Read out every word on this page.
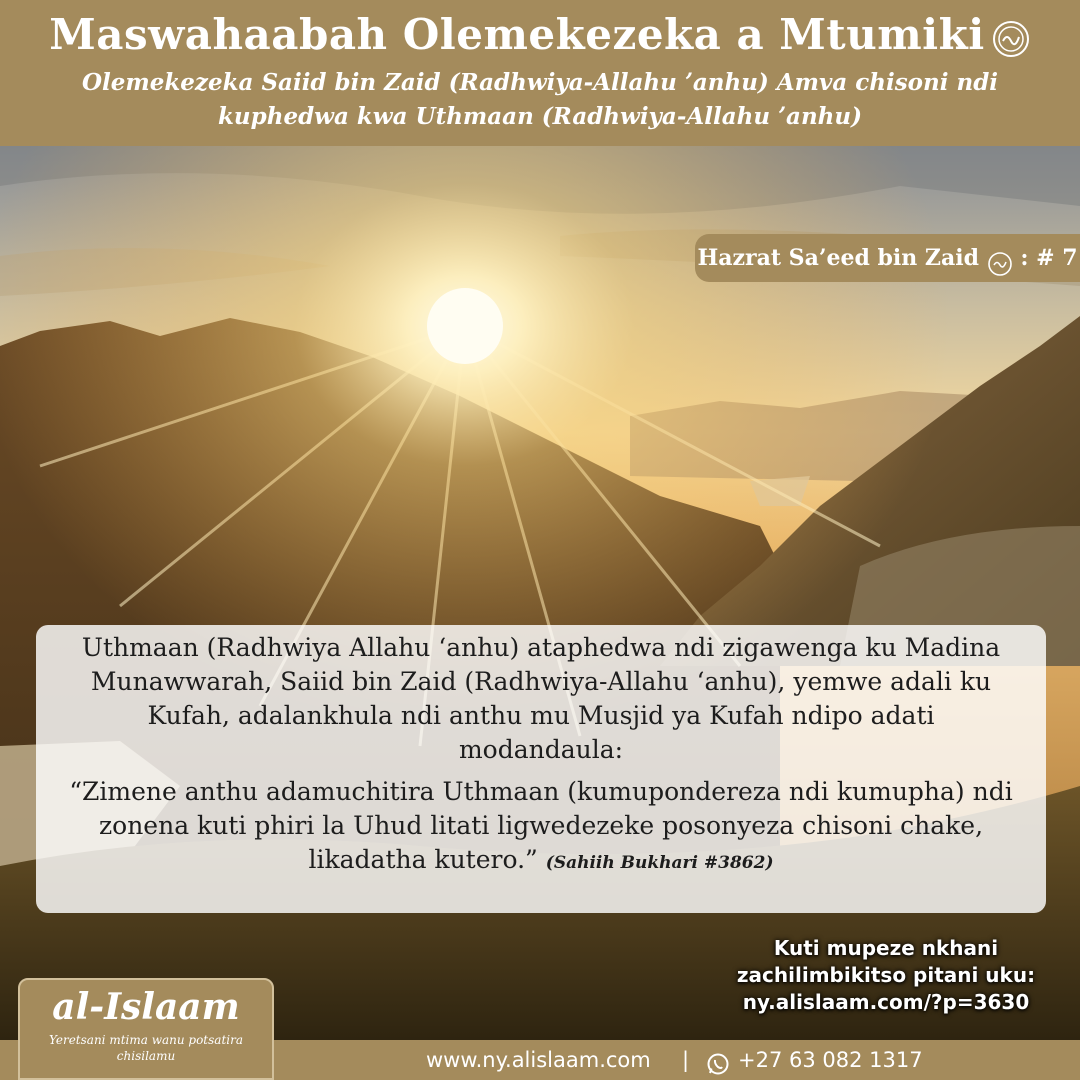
Maswahaabah Olemekezeka a Mtumiki
Olemekezeka Saiid bin Zaid (Radhwiya-Allahu ʼanhu) Amva chisoni ndi kuphedwa kwa Uthmaan (Radhwiya-Allahu ʼanhu)
Hazrat Sa’eed bin Zaid : # 7

Uthmaan (Radhwiya Allahu ‘anhu) ataphedwa ndi zigawenga ku Madina Munawwarah, Saiid bin Zaid (Radhwiya-Allahu ‘anhu), yemwe adali ku Kufah, adalankhula ndi anthu mu Musjid ya Kufah ndipo adati modandaula:

“Zimene anthu adamuchitira Uthmaan (kumupondereza ndi kumupha) ndi zonena kuti phiri la Uhud litati ligwedezeke posonyeza chisoni chake, likadatha kutero.” (Sahiih Bukhari #3862)

Kuti mupeze nkhani
zachilimbikitso pitani uku:
ny.alislaam.com/?p=3630
www.ny.alislaam.com |	+27 63 082 1317
al-Islaam
Yeretsani mtima wanu potsatira chisilamu
